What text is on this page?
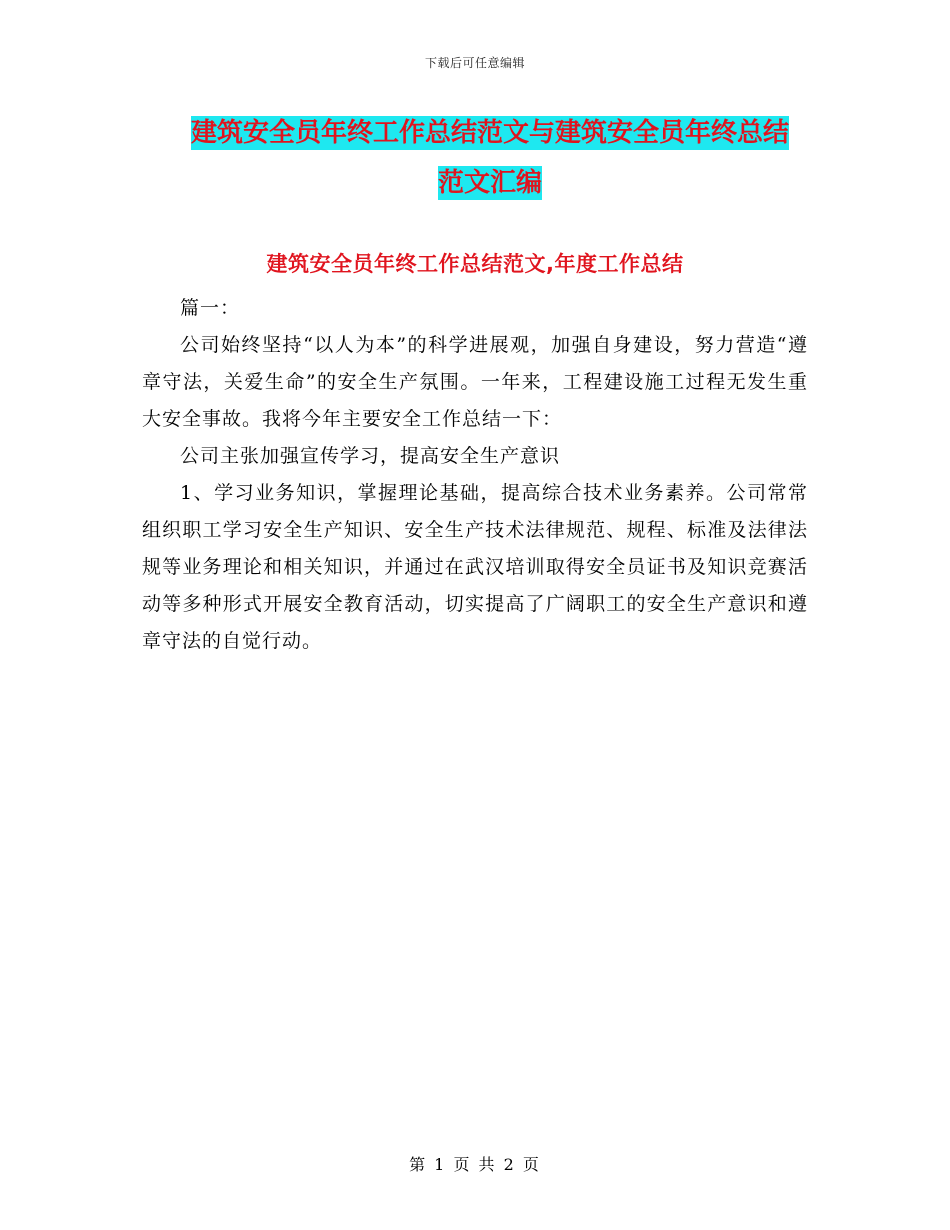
下载后可任意编辑
建筑安全员年终工作总结范文与建筑安全员年终总结
范文汇编
建筑安全员年终工作总结范文,年度工作总结

篇一：

公司始终坚持“以人为本”的科学进展观，加强自身建设，努力营造“遵章守法，关爱生命”的安全生产氛围。一年来，工程建设施工过程无发生重大安全事故。我将今年主要安全工作总结一下：

公司主张加强宣传学习，提高安全生产意识

1、学习业务知识，掌握理论基础，提高综合技术业务素养。公司常常组织职工学习安全生产知识、安全生产技术法律规范、规程、标准及法律法规等业务理论和相关知识，并通过在武汉培训取得安全员证书及知识竞赛活动等多种形式开展安全教育活动，切实提高了广阔职工的安全生产意识和遵章守法的自觉行动。

第 1 页 共 2 页
